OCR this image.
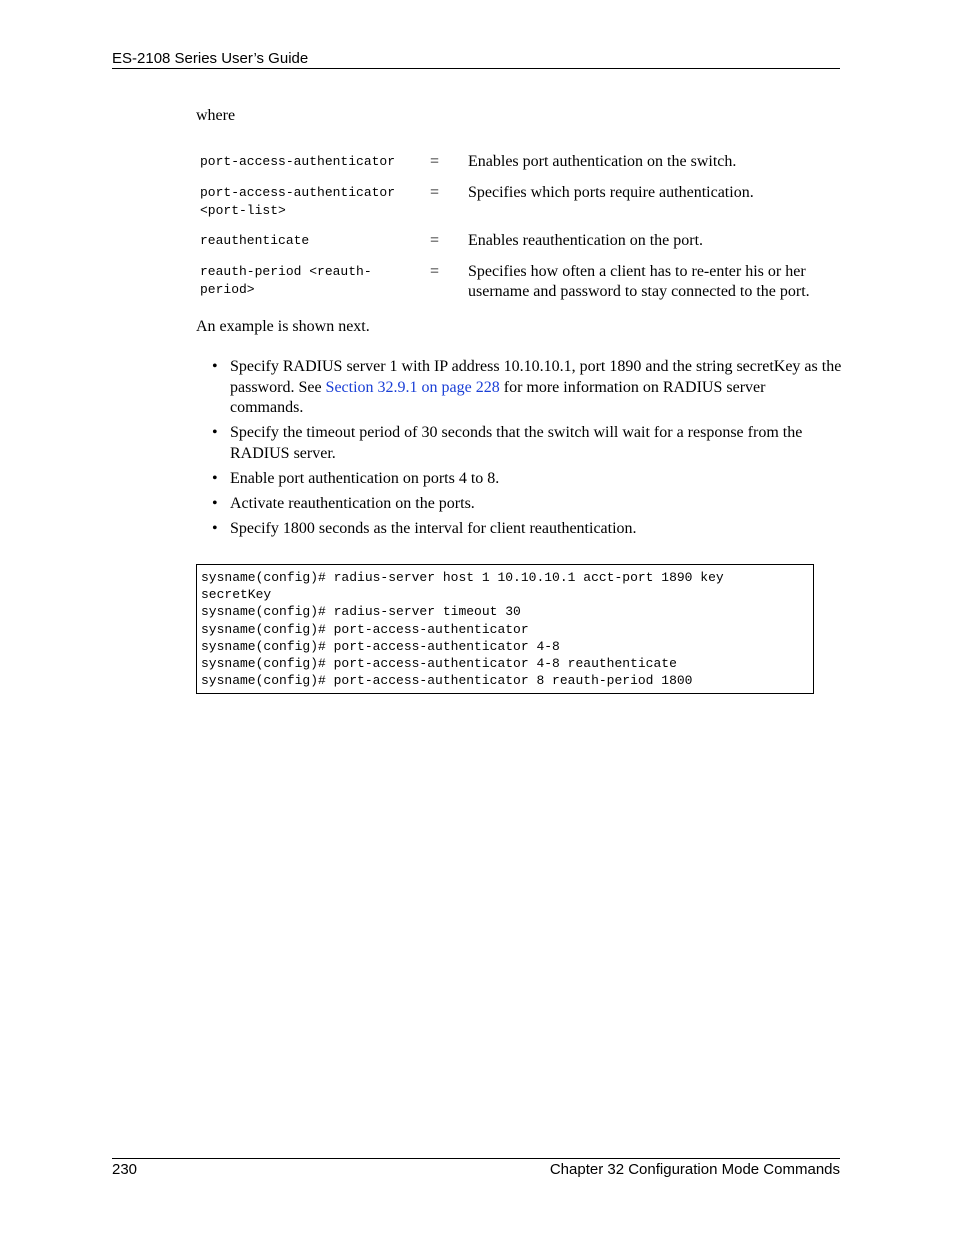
ES-2108 Series User’s Guide
where
port-access-authenticator	=	Enables port authentication on the switch.

port-access-authenticator
<port-list>	=	Specifies which ports require authentication.

reauthenticate	=	Enables reauthentication on the port.

reauth-period <reauth-
period>	=	Specifies how often a client has to re-enter his or her username and password to stay connected to the port.
An example is shown next.
• Specify RADIUS server 1 with IP address 10.10.10.1, port 1890 and the string secretKey as the password. See Section 32.9.1 on page 228 for more information on RADIUS server commands.
• Specify the timeout period of 30 seconds that the switch will wait for a response from the RADIUS server.
• Enable port authentication on ports 4 to 8.
• Activate reauthentication on the ports.
• Specify 1800 seconds as the interval for client reauthentication.
sysname(config)# radius-server host 1 10.10.10.1 acct-port 1890 key
secretKey
sysname(config)# radius-server timeout 30
sysname(config)# port-access-authenticator
sysname(config)# port-access-authenticator 4-8
sysname(config)# port-access-authenticator 4-8 reauthenticate
sysname(config)# port-access-authenticator 8 reauth-period 1800
230	Chapter 32 Configuration Mode Commands
